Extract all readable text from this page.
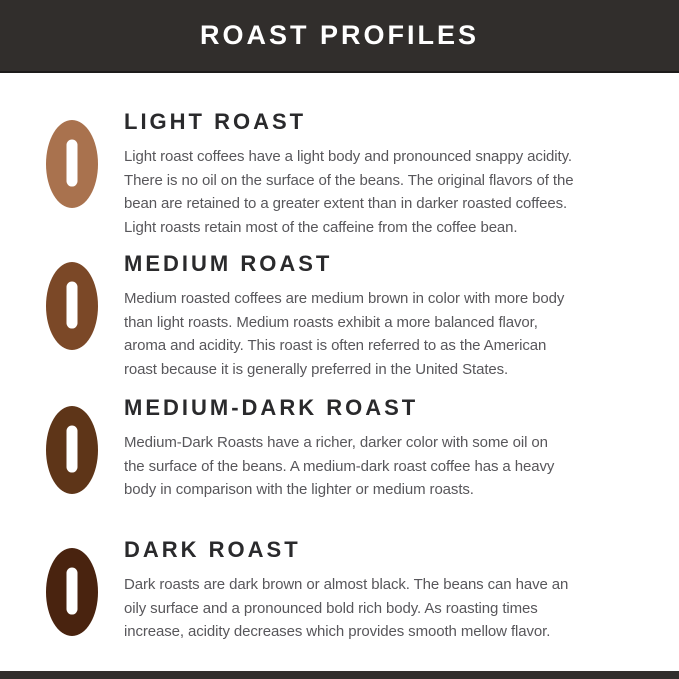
ROAST PROFILES
LIGHT ROAST
Light roast coffees have a light body and pronounced snappy acidity.
There is no oil on the surface of the beans. The original flavors of the
bean are retained to a greater extent than in darker roasted coffees.
Light roasts retain most of the caffeine from the coffee bean.
MEDIUM ROAST
Medium roasted coffees are medium brown in color with more body
than light roasts. Medium roasts exhibit a more balanced flavor,
aroma and acidity. This roast is often referred to as the American
roast because it is generally preferred in the United States.
MEDIUM-DARK ROAST
Medium-Dark Roasts have a richer, darker color with some oil on
the surface of the beans. A medium-dark roast coffee has a heavy
body in comparison with the lighter or medium roasts.
DARK ROAST
Dark roasts are dark brown or almost black. The beans can have an
oily surface and a pronounced bold rich body. As roasting times
increase, acidity decreases which provides smooth mellow flavor.
